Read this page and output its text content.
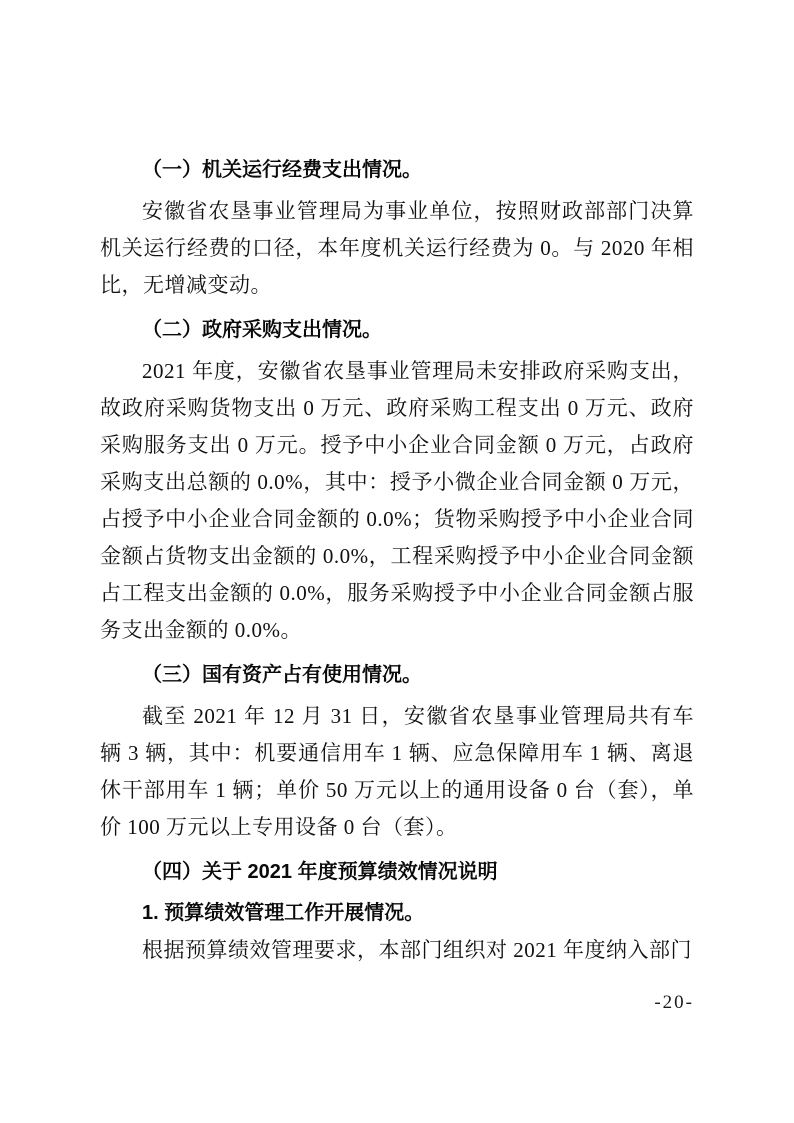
（一）机关运行经费支出情况。

安徽省农垦事业管理局为事业单位，按照财政部部门决算机关运行经费的口径，本年度机关运行经费为 0。与 2020 年相比，无增减变动。

（二）政府采购支出情况。

2021 年度，安徽省农垦事业管理局未安排政府采购支出，故政府采购货物支出 0 万元、政府采购工程支出 0 万元、政府采购服务支出 0 万元。授予中小企业合同金额 0 万元，占政府采购支出总额的 0.0%，其中：授予小微企业合同金额 0 万元，占授予中小企业合同金额的 0.0%；货物采购授予中小企业合同金额占货物支出金额的 0.0%，工程采购授予中小企业合同金额占工程支出金额的 0.0%，服务采购授予中小企业合同金额占服务支出金额的 0.0%。

（三）国有资产占有使用情况。

截至 2021 年 12 月 31 日，安徽省农垦事业管理局共有车辆 3 辆，其中：机要通信用车 1 辆、应急保障用车 1 辆、离退休干部用车 1 辆；单价 50 万元以上的通用设备 0 台（套），单价 100 万元以上专用设备 0 台（套）。

（四）关于 2021 年度预算绩效情况说明
1. 预算绩效管理工作开展情况。

根据预算绩效管理要求，本部门组织对 2021 年度纳入部门

-20-
